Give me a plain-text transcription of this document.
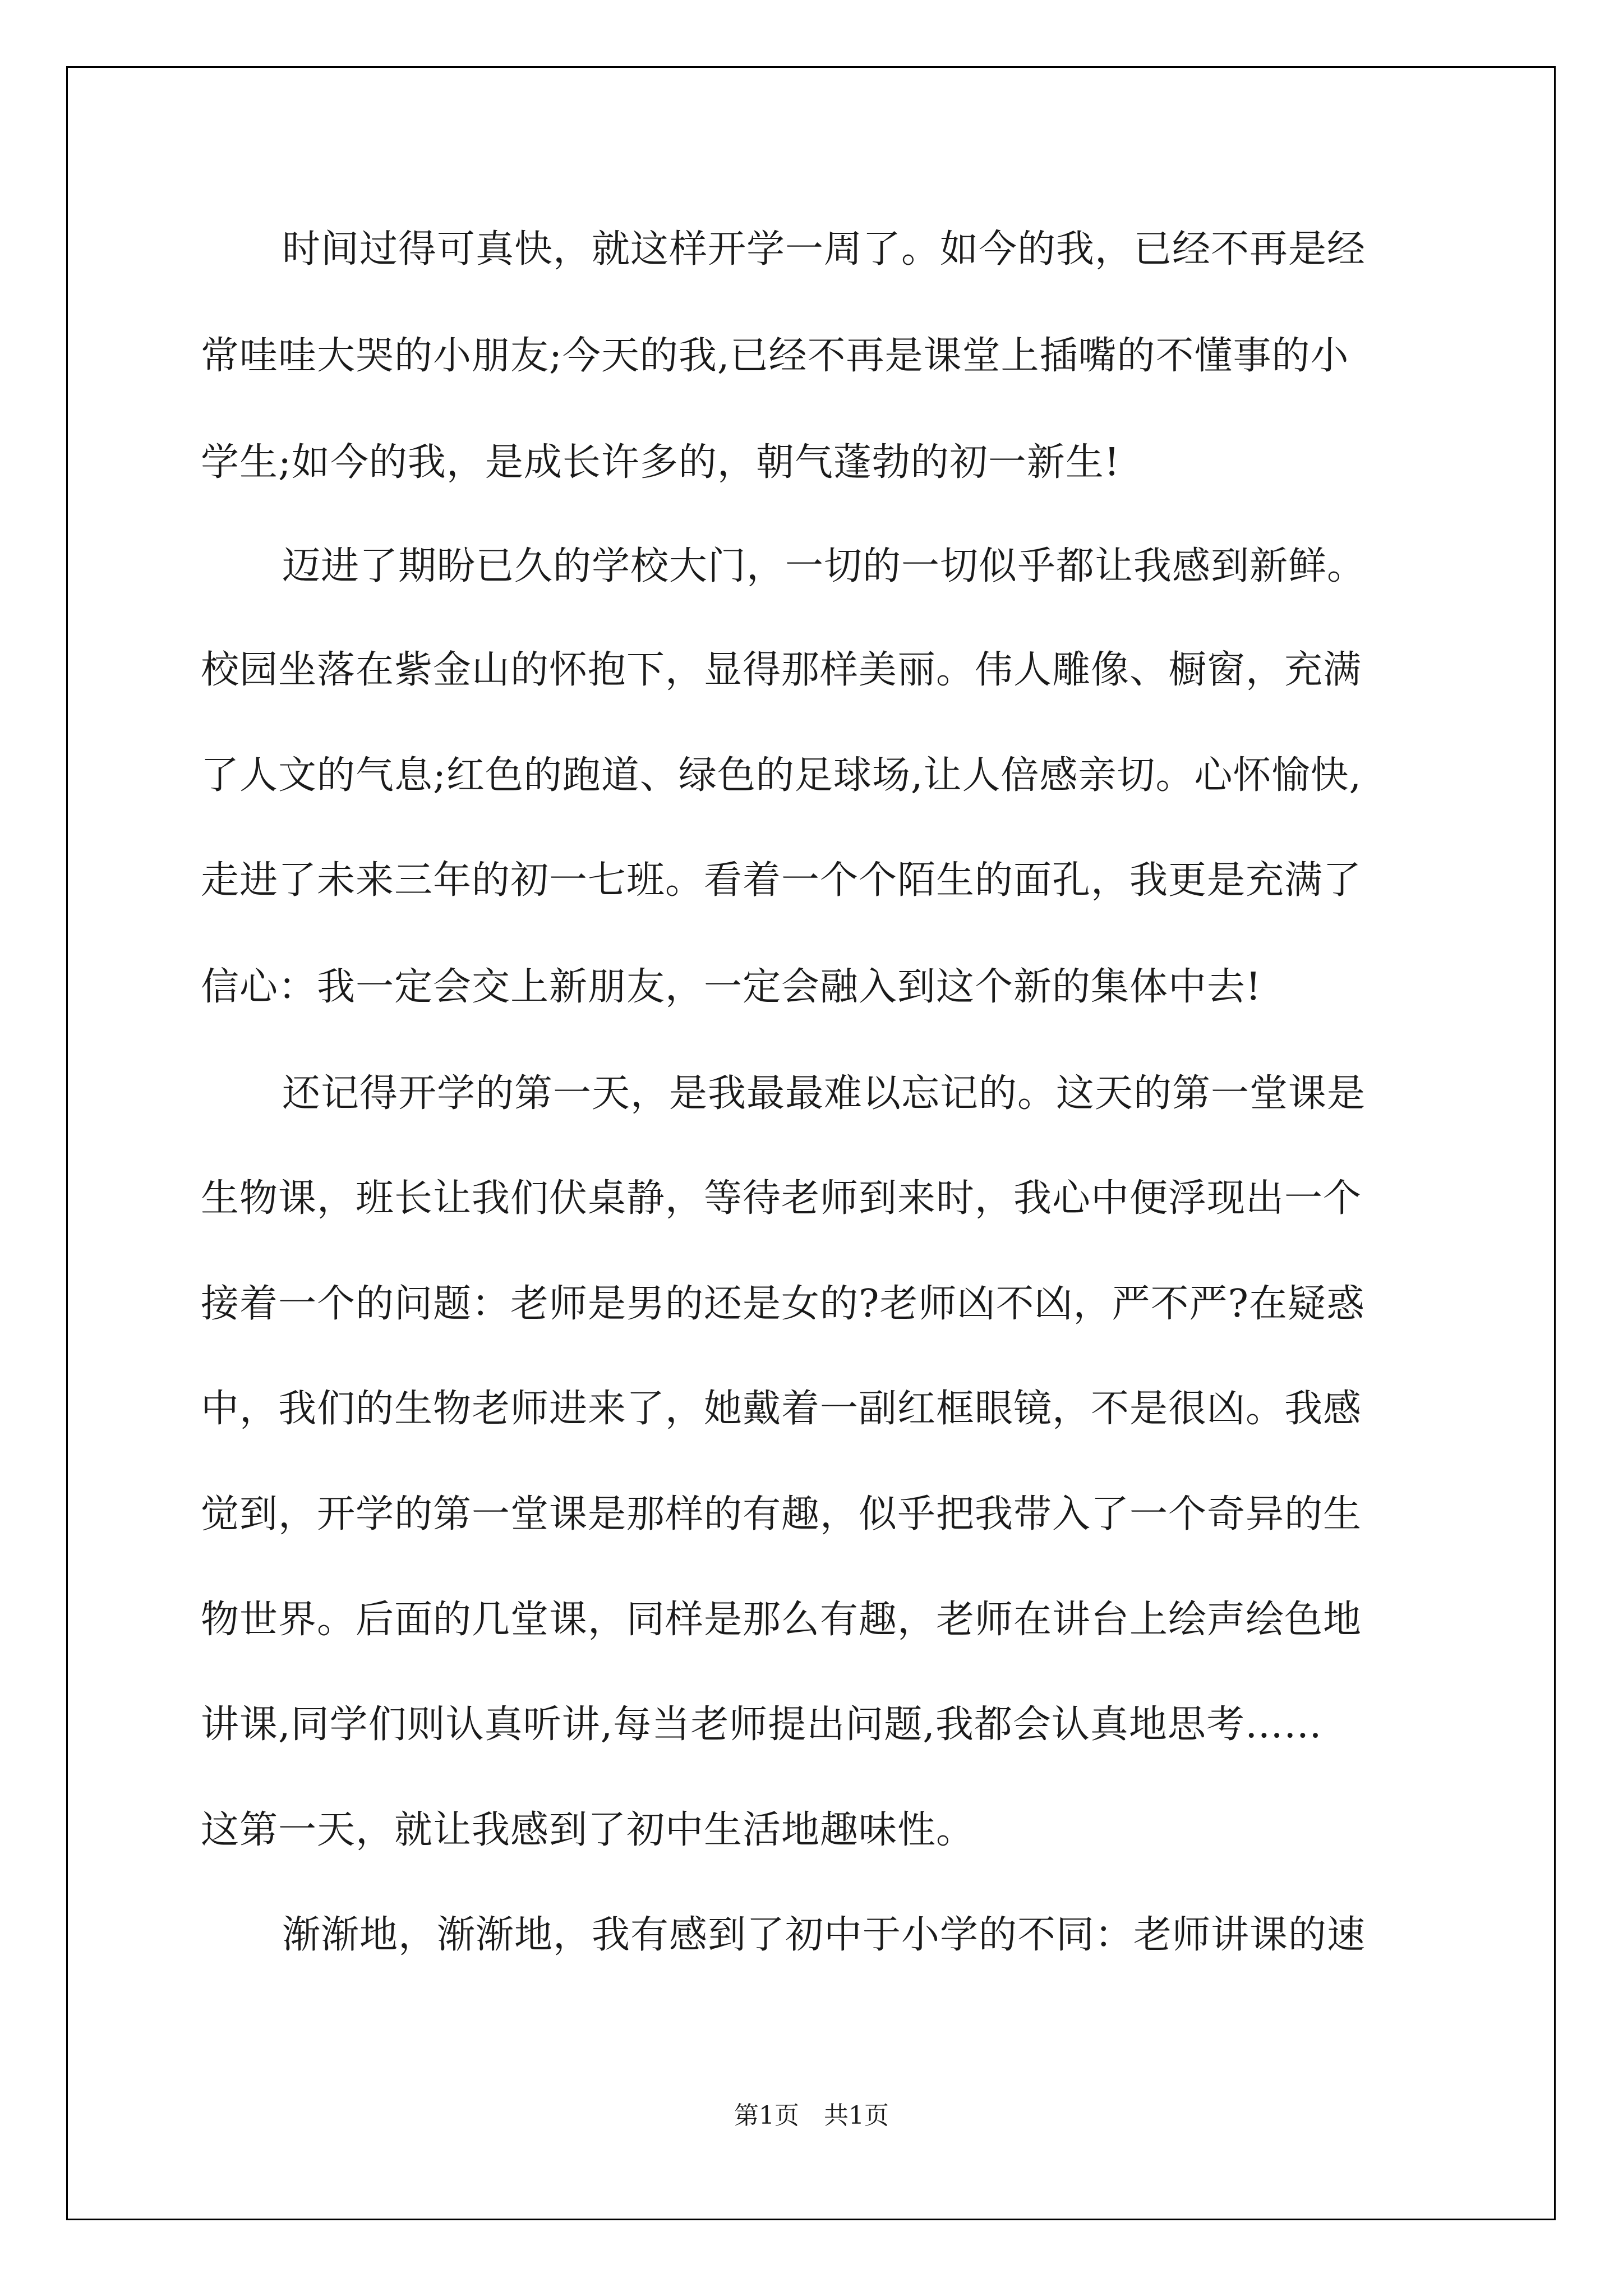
时间过得可真快，就这样开学一周了。如今的我，已经不再是经
常哇哇大哭的小朋友;今天的我,已经不再是课堂上插嘴的不懂事的小
学生;如今的我，是成长许多的，朝气蓬勃的初一新生!
迈进了期盼已久的学校大门，一切的一切似乎都让我感到新鲜。
校园坐落在紫金山的怀抱下，显得那样美丽。伟人雕像、橱窗，充满
了人文的气息;红色的跑道、绿色的足球场,让人倍感亲切。心怀愉快,
走进了未来三年的初一七班。看着一个个陌生的面孔，我更是充满了
信心：我一定会交上新朋友，一定会融入到这个新的集体中去!
还记得开学的第一天，是我最最难以忘记的。这天的第一堂课是
生物课，班长让我们伏桌静，等待老师到来时，我心中便浮现出一个
接着一个的问题：老师是男的还是女的?老师凶不凶，严不严?在疑惑
中，我们的生物老师进来了，她戴着一副红框眼镜，不是很凶。我感
觉到，开学的第一堂课是那样的有趣，似乎把我带入了一个奇异的生
物世界。后面的几堂课，同样是那么有趣，老师在讲台上绘声绘色地
讲课,同学们则认真听讲,每当老师提出问题,我都会认真地思考……
这第一天，就让我感到了初中生活地趣味性。
渐渐地，渐渐地，我有感到了初中于小学的不同：老师讲课的速
第1页 共1页
